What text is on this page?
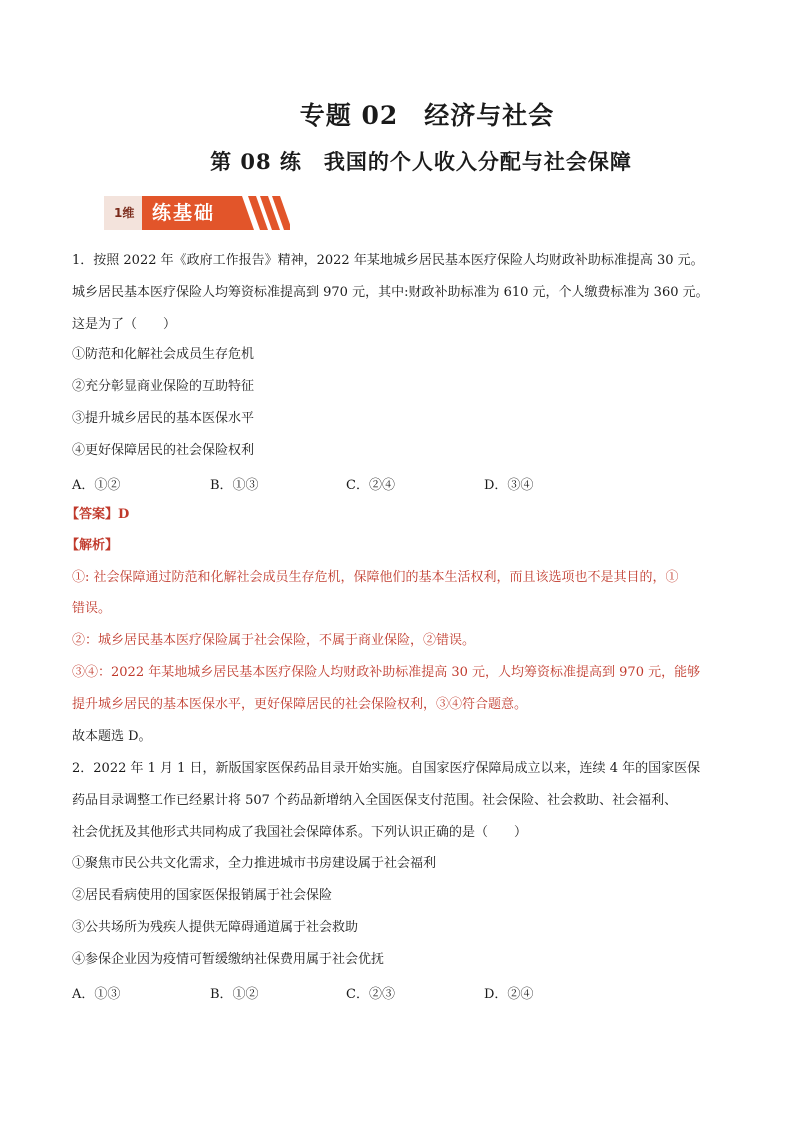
专题 02　经济与社会
第 08 练　我国的个人收入分配与社会保障
1维 练基础
1．按照 2022 年《政府工作报告》精神，2022 年某地城乡居民基本医疗保险人均财政补助标准提高 30 元。
城乡居民基本医疗保险人均筹资标准提高到 970 元，其中:财政补助标准为 610 元，个人缴费标准为 360 元。
这是为了（　　）
①防范和化解社会成员生存危机
②充分彰显商业保险的互助特征
③提升城乡居民的基本医保水平
④更好保障居民的社会保险权利
A．①②	B．①③	C．②④	D．③④
【答案】D
【解析】
①: 社会保障通过防范和化解社会成员生存危机，保障他们的基本生活权利，而且该选项也不是其目的，①
错误。
②：城乡居民基本医疗保险属于社会保险，不属于商业保险，②错误。
③④：2022 年某地城乡居民基本医疗保险人均财政补助标准提高 30 元，人均筹资标准提高到 970 元，能够
提升城乡居民的基本医保水平，更好保障居民的社会保险权利，③④符合题意。
故本题选 D。
2．2022 年 1 月 1 日，新版国家医保药品目录开始实施。自国家医疗保障局成立以来，连续 4 年的国家医保
药品目录调整工作已经累计将 507 个药品新增纳入全国医保支付范围。社会保险、社会救助、社会福利、
社会优抚及其他形式共同构成了我国社会保障体系。下列认识正确的是（　　）
①聚焦市民公共文化需求，全力推进城市书房建设属于社会福利
②居民看病使用的国家医保报销属于社会保险
③公共场所为残疾人提供无障碍通道属于社会救助
④参保企业因为疫情可暂缓缴纳社保费用属于社会优抚
A．①③	B．①②	C．②③	D．②④
